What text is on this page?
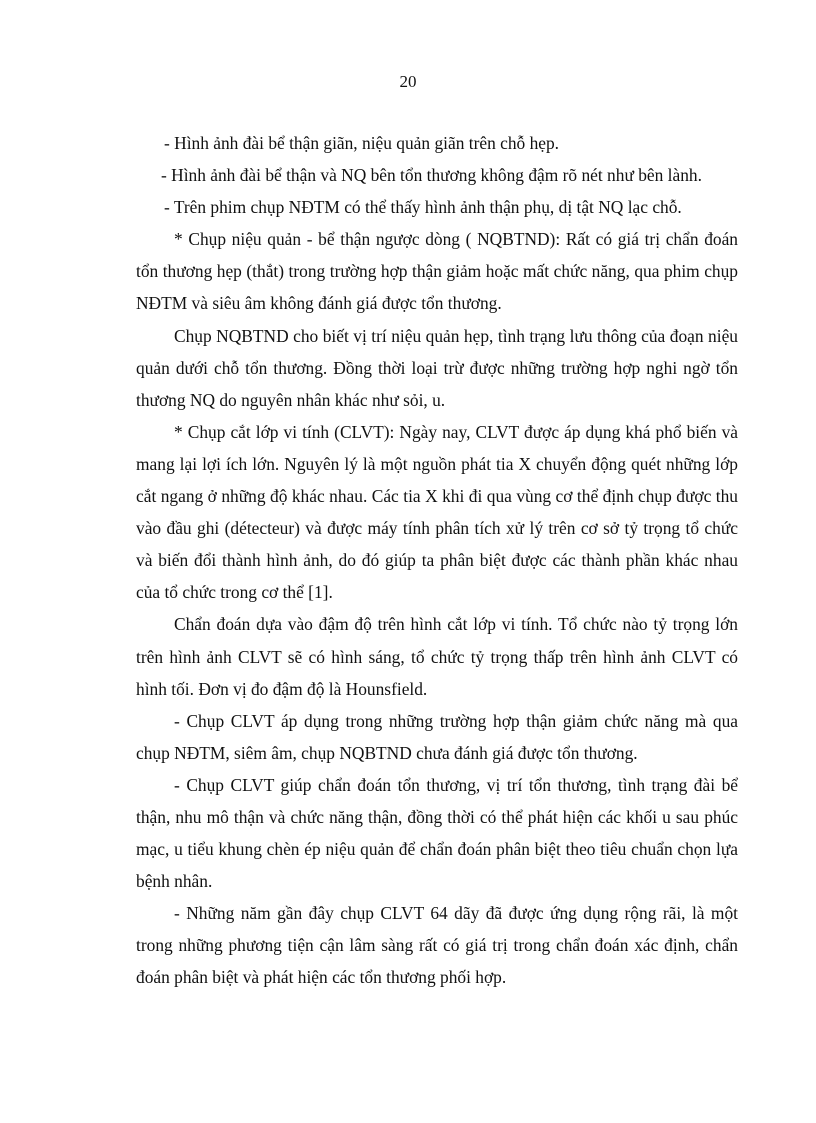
20

- Hình ảnh đài bể thận giãn, niệu quản giãn trên chỗ hẹp.

- Hình ảnh đài bể thận và NQ bên tổn thương không đậm rõ nét như bên lành.

- Trên phim chụp NĐTM có thể thấy hình ảnh thận phụ, dị tật NQ lạc chỗ.

* Chụp niệu quản - bể thận ngược dòng ( NQBTND): Rất có giá trị chẩn đoán tổn thương hẹp (thắt) trong trường hợp thận giảm hoặc mất chức năng, qua phim chụp NĐTM và siêu âm không đánh giá được tổn thương.

Chụp NQBTND cho biết vị trí niệu quản hẹp, tình trạng lưu thông của đoạn niệu quản dưới chỗ tổn thương. Đồng thời loại trừ được những trường hợp nghi ngờ tổn thương NQ do nguyên nhân khác như sỏi, u.

* Chụp cắt lớp vi tính (CLVT): Ngày nay, CLVT được áp dụng khá phổ biến và mang lại lợi ích lớn. Nguyên lý là một nguồn phát tia X chuyển động quét những lớp cắt ngang ở những độ khác nhau. Các tia X khi đi qua vùng cơ thể định chụp được thu vào đầu ghi (détecteur) và được máy tính phân tích xử lý trên cơ sở tỷ trọng tổ chức và biến đổi thành hình ảnh, do đó giúp ta phân biệt được các thành phần khác nhau của tổ chức trong cơ thể [1].

Chẩn đoán dựa vào đậm độ trên hình cắt lớp vi tính. Tổ chức nào tỷ trọng lớn trên hình ảnh CLVT sẽ có hình sáng, tổ chức tỷ trọng thấp trên hình ảnh CLVT có hình tối. Đơn vị đo đậm độ là Hounsfield.

- Chụp CLVT áp dụng trong những trường hợp thận giảm chức năng mà qua chụp NĐTM, siêm âm, chụp NQBTND chưa đánh giá được tổn thương.

- Chụp CLVT giúp chẩn đoán tổn thương, vị trí tổn thương, tình trạng đài bể thận, nhu mô thận và chức năng thận, đồng thời có thể phát hiện các khối u sau phúc mạc, u tiểu khung chèn ép niệu quản để chẩn đoán phân biệt theo tiêu chuẩn chọn lựa bệnh nhân.

- Những năm gần đây chụp CLVT 64 dãy đã được ứng dụng rộng rãi, là một trong những phương tiện cận lâm sàng rất có giá trị trong chẩn đoán xác định, chẩn đoán phân biệt và phát hiện các tổn thương phối hợp.
